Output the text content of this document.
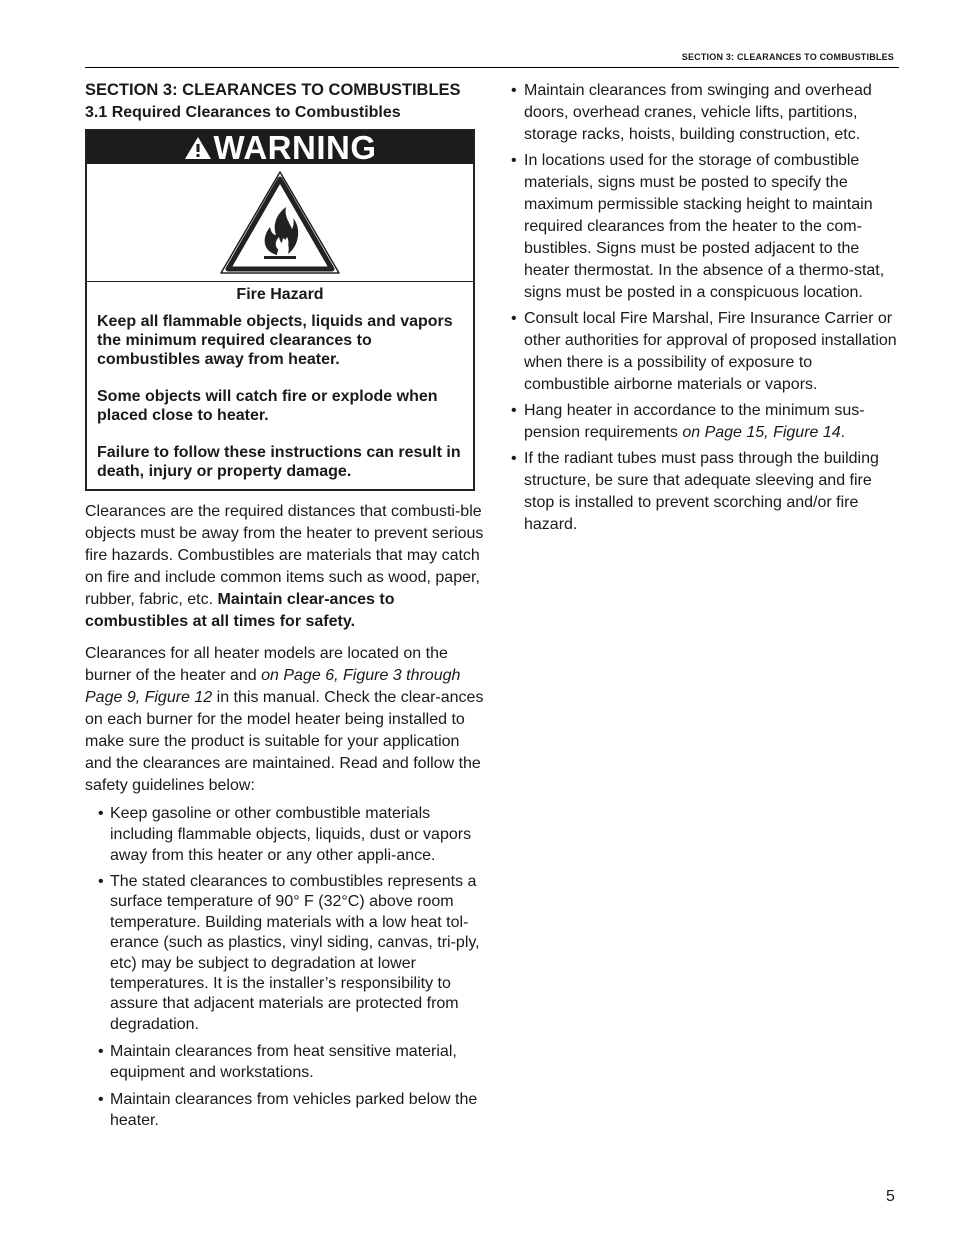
SECTION 3: CLEARANCES TO COMBUSTIBLES
SECTION 3: CLEARANCES TO COMBUSTIBLES
3.1 Required Clearances to Combustibles
WARNING
Fire Hazard

Keep all flammable objects, liquids and vapors the minimum required clearances to combustibles away from heater.

Some objects will catch fire or explode when placed close to heater.

Failure to follow these instructions can result in death, injury or property damage.

Clearances are the required distances that combusti-ble objects must be away from the heater to prevent serious fire hazards. Combustibles are materials that may catch on fire and include common items such as wood, paper, rubber, fabric, etc. Maintain clear-ances to combustibles at all times for safety.

Clearances for all heater models are located on the burner of the heater and on Page 6, Figure 3 through Page 9, Figure 12 in this manual. Check the clear-ances on each burner for the model heater being installed to make sure the product is suitable for your application and the clearances are maintained. Read and follow the safety guidelines below:

• Keep gasoline or other combustible materials including flammable objects, liquids, dust or vapors away from this heater or any other appli-ance.
• The stated clearances to combustibles represents a surface temperature of 90° F (32°C) above room temperature. Building materials with a low heat tol-erance (such as plastics, vinyl siding, canvas, tri-ply, etc) may be subject to degradation at lower temperatures. It is the installer’s responsibility to assure that adjacent materials are protected from degradation.
• Maintain clearances from heat sensitive material, equipment and workstations.
• Maintain clearances from vehicles parked below the heater.
• Maintain clearances from swinging and overhead doors, overhead cranes, vehicle lifts, partitions, storage racks, hoists, building construction, etc.
• In locations used for the storage of combustible materials, signs must be posted to specify the maximum permissible stacking height to maintain required clearances from the heater to the com-bustibles. Signs must be posted adjacent to the heater thermostat. In the absence of a thermo-stat, signs must be posted in a conspicuous location.
• Consult local Fire Marshal, Fire Insurance Carrier or other authorities for approval of proposed installation when there is a possibility of exposure to combustible airborne materials or vapors.
• Hang heater in accordance to the minimum sus-pension requirements on Page 15, Figure 14.
• If the radiant tubes must pass through the building structure, be sure that adequate sleeving and fire stop is installed to prevent scorching and/or fire hazard.
5
